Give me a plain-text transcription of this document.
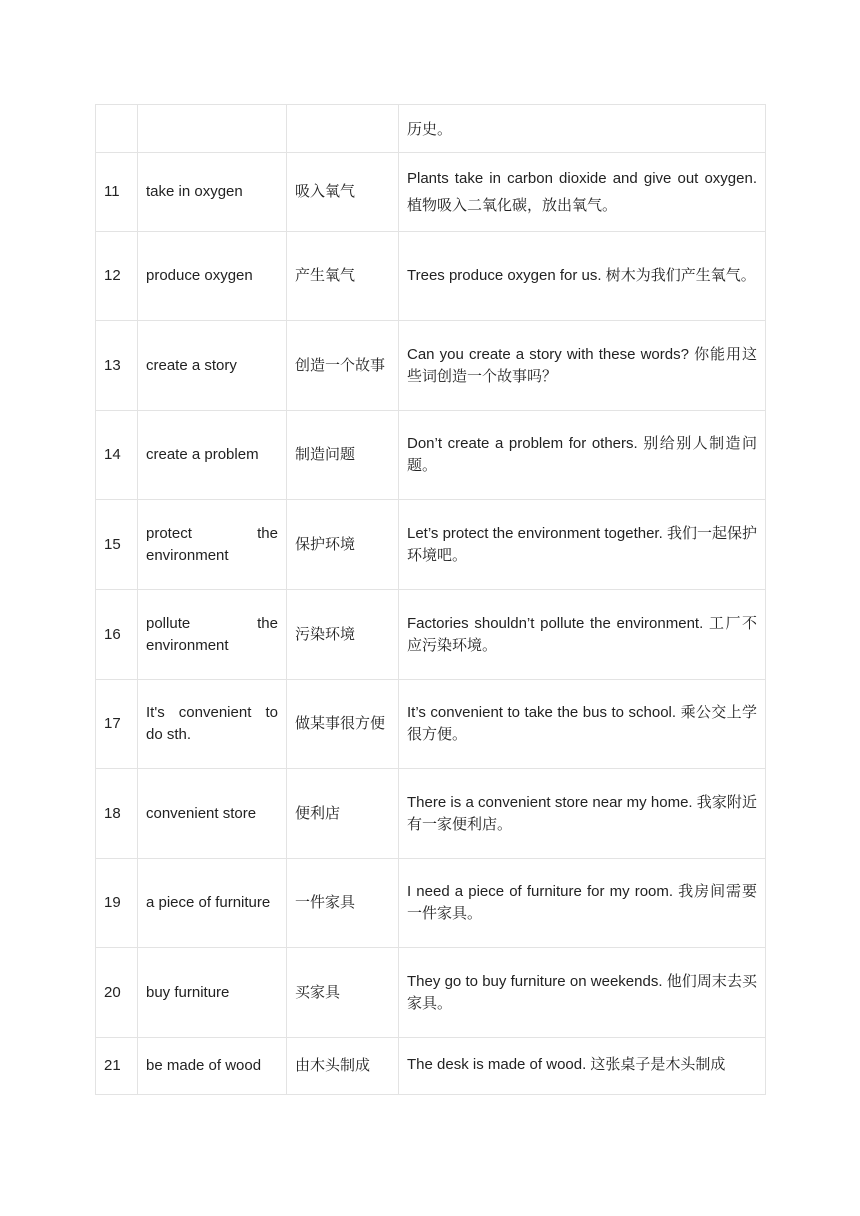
			历史。
11	take in oxygen	吸入氧气	Plants take in carbon dioxide and give out oxygen. 植物吸入二氧化碳，放出氧气。
12	produce oxygen	产生氧气	Trees produce oxygen for us. 树木为我们产生氧气。
13	create a story	创造一个故事	Can you create a story with these words? 你能用这些词创造一个故事吗？
14	create a problem	制造问题	Don’t create a problem for others. 别给别人制造问题。
15	protect the environment	保护环境	Let’s protect the environment together. 我们一起保护环境吧。
16	pollute the environment	污染环境	Factories shouldn’t pollute the environment. 工厂不应污染环境。
17	It's convenient to do sth.	做某事很方便	It’s convenient to take the bus to school. 乘公交上学很方便。
18	convenient store	便利店	There is a convenient store near my home. 我家附近有一家便利店。
19	a piece of furniture	一件家具	I need a piece of furniture for my room. 我房间需要一件家具。
20	buy furniture	买家具	They go to buy furniture on weekends. 他们周末去买家具。
21	be made of wood	由木头制成	The desk is made of wood. 这张桌子是木头制成
